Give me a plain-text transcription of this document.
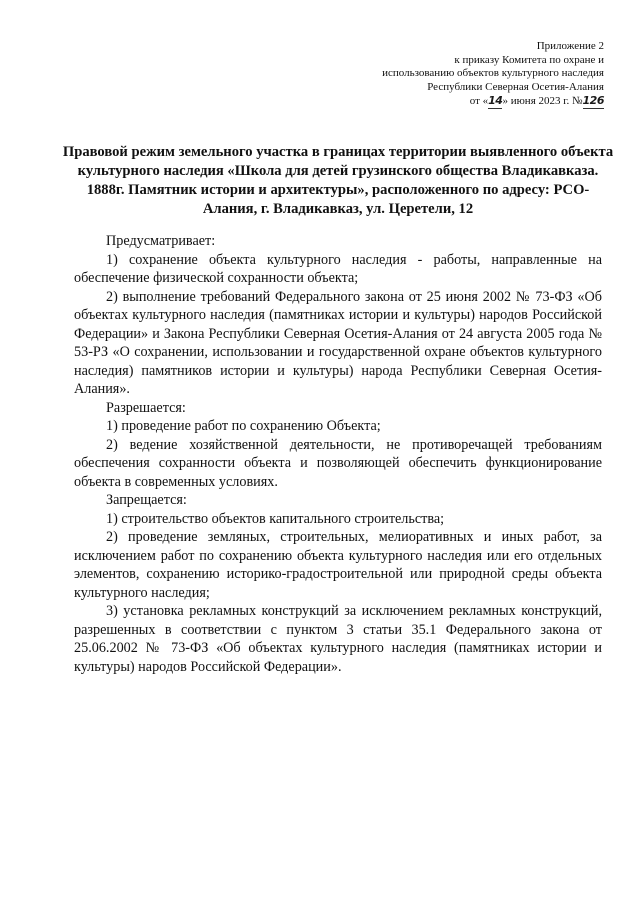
Приложение 2
к приказу Комитета по охране и
использованию объектов культурного наследия
Республики Северная Осетия-Алания
от «14» июня 2023 г. №126
Правовой режим земельного участка в границах территории выявленного объекта культурного наследия «Школа для детей грузинского общества Владикавказа. 1888г. Памятник истории и архитектуры», расположенного по адресу: РСО-Алания, г. Владикавказ, ул. Церетели, 12

Предусматривает:

1) сохранение объекта культурного наследия - работы, направленные на обеспечение физической сохранности объекта;

2) выполнение требований Федерального закона от 25 июня 2002 № 73-ФЗ «Об объектах культурного наследия (памятниках истории и культуры) народов Российской Федерации» и Закона Республики Северная Осетия-Алания от 24 августа 2005 года № 53-РЗ «О сохранении, использовании и государственной охране объектов культурного наследия) памятников истории и культуры) народа Республики Северная Осетия-Алания».

Разрешается:

1) проведение работ по сохранению Объекта;

2) ведение хозяйственной деятельности, не противоречащей требованиям обеспечения сохранности объекта и позволяющей обеспечить функционирование объекта в современных условиях.

Запрещается:

1) строительство объектов капитального строительства;

2) проведение земляных, строительных, мелиоративных и иных работ, за исключением работ по сохранению объекта культурного наследия или его отдельных элементов, сохранению историко-градостроительной или природной среды объекта культурного наследия;

3) установка рекламных конструкций за исключением рекламных конструкций, разрешенных в соответствии с пунктом 3 статьи 35.1 Федерального закона от 25.06.2002 № 73-ФЗ «Об объектах культурного наследия (памятниках истории и культуры) народов Российской Федерации».
